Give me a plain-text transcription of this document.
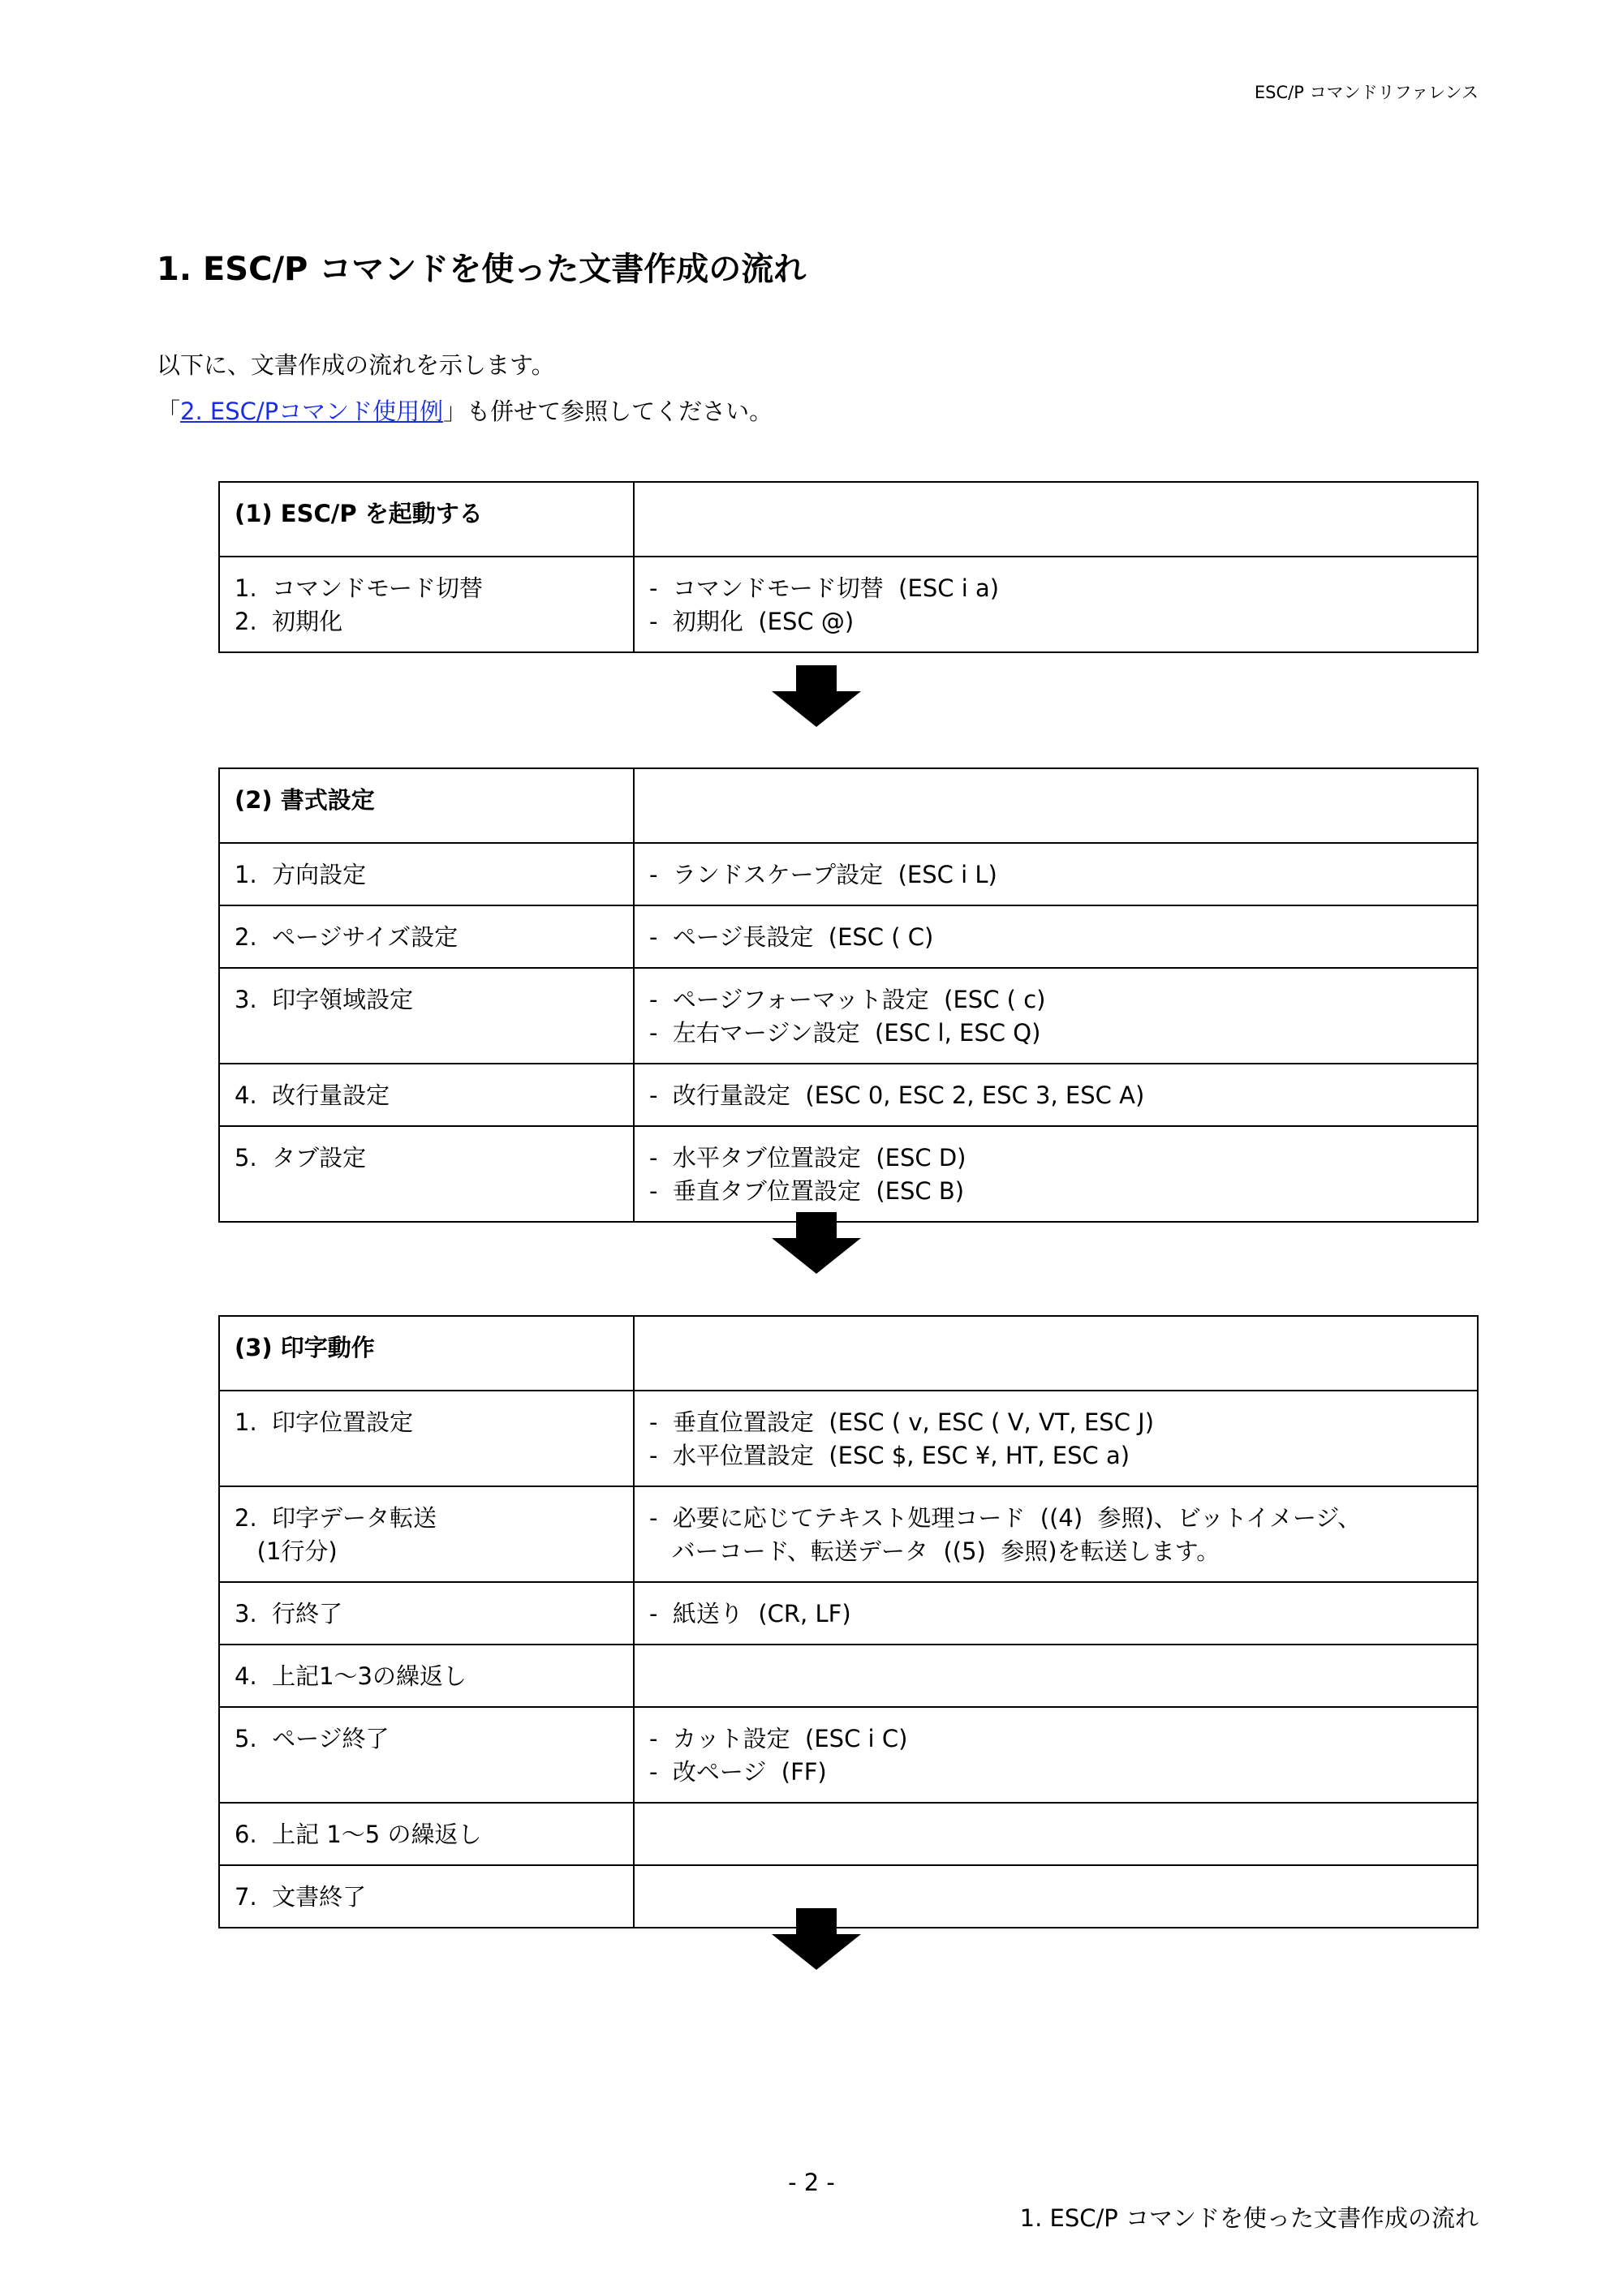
ESC/P コマンドリファレンス
1. ESC/P コマンドを使った文書作成の流れ
以下に、文書作成の流れを示します。
「2. ESC/Pコマンド使用例」も併せて参照してください。
(1) ESC/P を起動する	

1.  コマンドモード切替
2.  初期化	-  コマンドモード切替  (ESC i a)
-  初期化  (ESC @)
(2) 書式設定	

1.  方向設定	-  ランドスケープ設定  (ESC i L)

2.  ページサイズ設定	-  ページ長設定  (ESC ( C)

3.  印字領域設定	-  ページフォーマット設定  (ESC ( c)
-  左右マージン設定  (ESC l, ESC Q)

4.  改行量設定	-  改行量設定  (ESC 0, ESC 2, ESC 3, ESC A)

5.  タブ設定	-  水平タブ位置設定  (ESC D)
-  垂直タブ位置設定  (ESC B)
(3) 印字動作	

1.  印字位置設定	-  垂直位置設定  (ESC ( v, ESC ( V, VT, ESC J)
-  水平位置設定  (ESC $, ESC ¥, HT, ESC a)

2.  印字データ転送
(1行分)	-  必要に応じてテキスト処理コード  ((4)  参照)、ビットイメージ、
バーコード、転送データ  ((5)  参照)を転送します。

3.  行終了	-  紙送り  (CR, LF)

4.  上記1～3の繰返し	

5.  ページ終了	-  カット設定  (ESC i C)
-  改ページ  (FF)

6.  上記 1～5 の繰返し	

7.  文書終了	

- 2 -
1. ESC/P コマンドを使った文書作成の流れ
